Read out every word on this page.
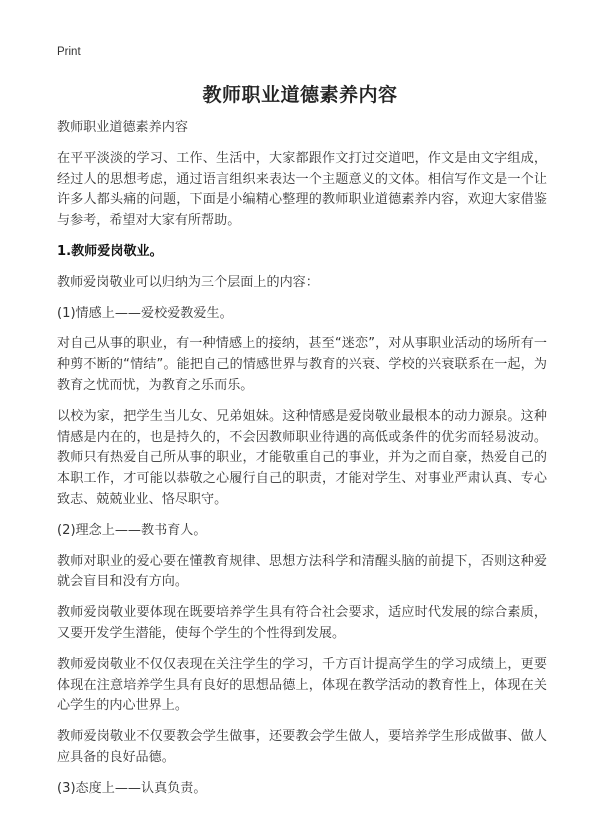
Print
教师职业道德素养内容

教师职业道德素养内容

在平平淡淡的学习、工作、生活中，大家都跟作文打过交道吧，作文是由文字组成，经过人的思想考虑，通过语言组织来表达一个主题意义的文体。相信写作文是一个让许多人都头痛的问题，下面是小编精心整理的教师职业道德素养内容，欢迎大家借鉴与参考，希望对大家有所帮助。

1.教师爱岗敬业。

教师爱岗敬业可以归纳为三个层面上的内容：

(1)情感上——爱校爱教爱生。

对自己从事的职业，有一种情感上的接纳，甚至“迷恋”，对从事职业活动的场所有一种剪不断的“情结”。能把自己的情感世界与教育的兴衰、学校的兴衰联系在一起，为教育之忧而忧，为教育之乐而乐。

以校为家，把学生当儿女、兄弟姐妹。这种情感是爱岗敬业最根本的动力源泉。这种情感是内在的，也是持久的，不会因教师职业待遇的高低或条件的优劣而轻易波动。教师只有热爱自己所从事的职业，才能敬重自己的事业，并为之而自豪，热爱自己的本职工作，才可能以恭敬之心履行自己的职责，才能对学生、对事业严肃认真、专心致志、兢兢业业、恪尽职守。

(2)理念上——教书育人。

教师对职业的爱心要在懂教育规律、思想方法科学和清醒头脑的前提下，否则这种爱就会盲目和没有方向。

教师爱岗敬业要体现在既要培养学生具有符合社会要求，适应时代发展的综合素质，又要开发学生潜能，使每个学生的个性得到发展。

教师爱岗敬业不仅仅表现在关注学生的学习，千方百计提高学生的学习成绩上，更要体现在注意培养学生具有良好的思想品德上，体现在教学活动的教育性上，体现在关心学生的内心世界上。

教师爱岗敬业不仅要教会学生做事，还要教会学生做人，要培养学生形成做事、做人应具备的良好品德。

(3)态度上——认真负责。
